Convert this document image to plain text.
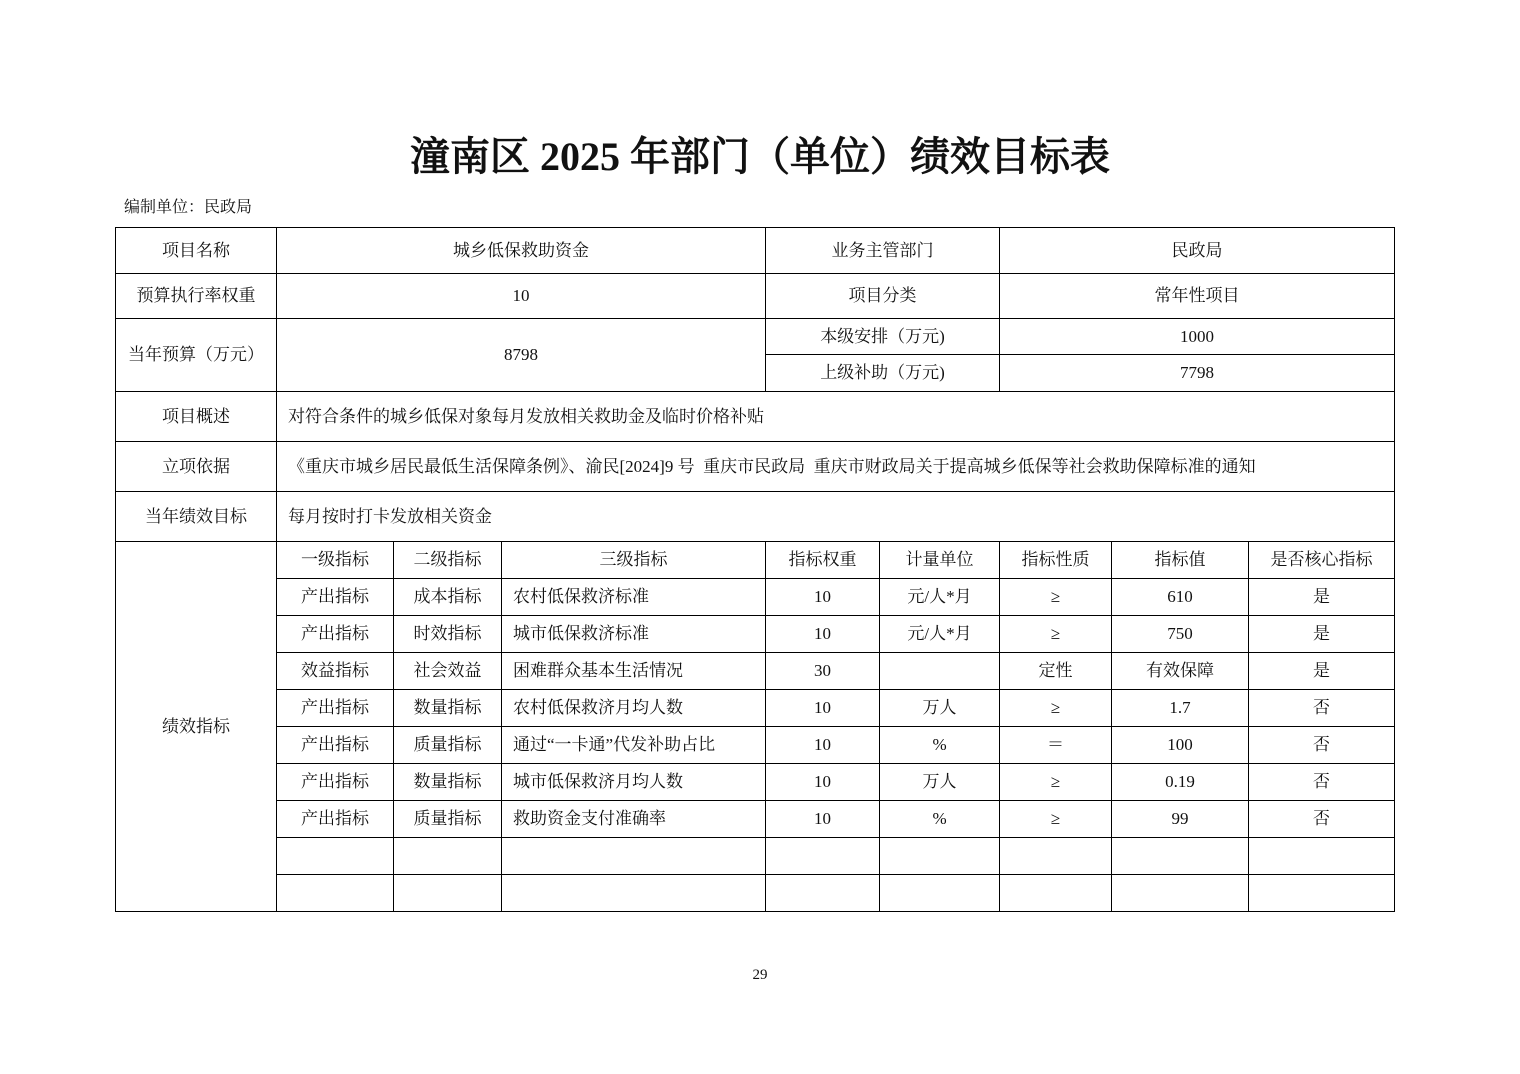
潼南区 2025 年部门（单位）绩效目标表
编制单位：民政局
项目名称	城乡低保救助资金			业务主管部门		民政局		
预算执行率权重	10			项目分类		常年性项目		
当年预算（万元）	8798			本级安排（万元)		1000		
				上级补助（万元)		7798		
项目概述	对符合条件的城乡低保对象每月发放相关救助金及临时价格补贴							
立项依据	《重庆市城乡居民最低生活保障条例》、渝民[2024]9 号  重庆市民政局  重庆市财政局关于提高城乡低保等社会救助保障标准的通知							
当年绩效目标	每月按时打卡发放相关资金							
绩效指标	一级指标	二级指标	三级指标	指标权重	计量单位	指标性质	指标值	是否核心指标
	产出指标	成本指标	农村低保救济标准	10	元/人*月	≥	610	是
	产出指标	时效指标	城市低保救济标准	10	元/人*月	≥	750	是
	效益指标	社会效益	困难群众基本生活情况	30		定性	有效保障	是
	产出指标	数量指标	农村低保救济月均人数	10	万人	≥	1.7	否
	产出指标	质量指标	通过“一卡通”代发补助占比	10	%	＝	100	否
	产出指标	数量指标	城市低保救济月均人数	10	万人	≥	0.19	否
	产出指标	质量指标	救助资金支付准确率	10	%	≥	99	否

29
